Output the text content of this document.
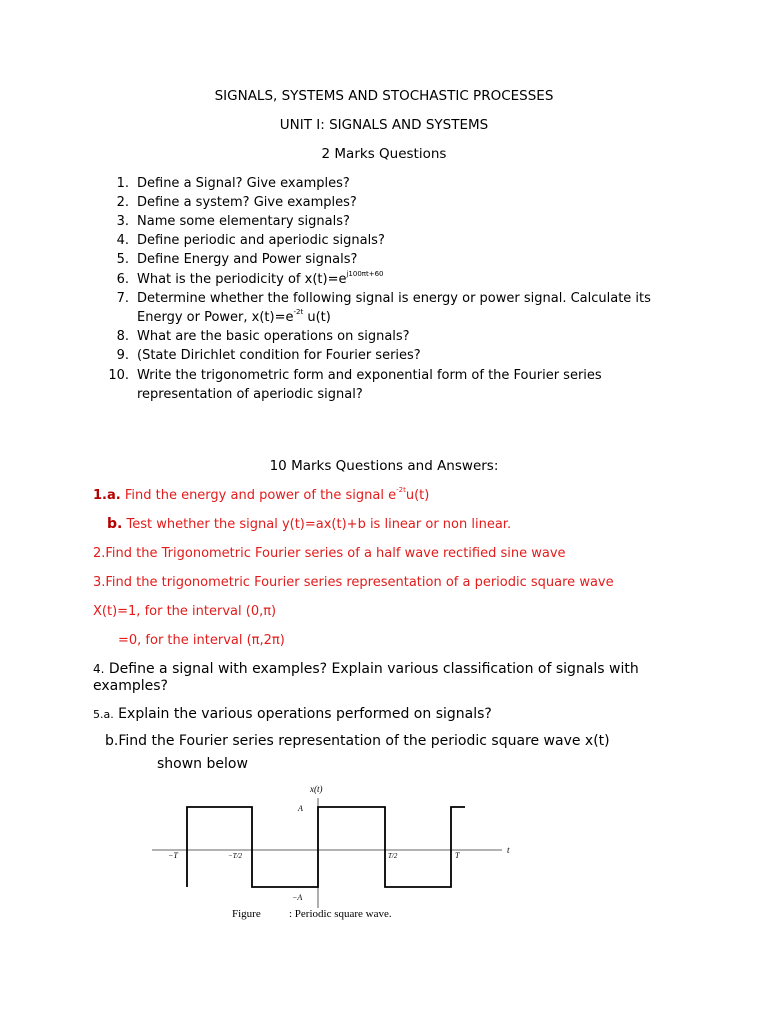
SIGNALS, SYSTEMS AND STOCHASTIC PROCESSES
UNIT I: SIGNALS AND SYSTEMS
2 Marks Questions
1. Define a Signal? Give examples?
2. Define a system? Give examples?
3. Name some elementary signals?
4. Define periodic and aperiodic signals?
5. Define Energy and Power signals?
6. What is the periodicity of $x(t)=e^{j100\pi t+60}$
7. Determine whether the following signal is energy or power signal. Calculate its
Energy or Power, $x(t)=e^{-2t}$ u(t)
8. What are the basic operations on signals?
9. (State Dirichlet condition for Fourier series?
10. Write the trigonometric form and exponential form of the Fourier series
representation of aperiodic signal?
10 Marks Questions and Answers:
1.a. Find the energy and power of the signal $e^{-2t}u(t)$
b. Test whether the signal y(t)=ax(t)+b is linear or non linear.
2.Find the Trigonometric Fourier series of a half wave rectified sine wave
3.Find the trigonometric Fourier series representation of a periodic square wave
X(t)=1, for the interval (0,π)
=0, for the interval (π,2π)
4. Define a signal with examples? Explain various classification of signals with
examples?
5.a. Explain the various operations performed on signals?
b.Find the Fourier series representation of the periodic square wave x(t)
shown below
x(t)
t
A
−A
−T	−T/2	T/2	T
Figure	: Periodic square wave.
